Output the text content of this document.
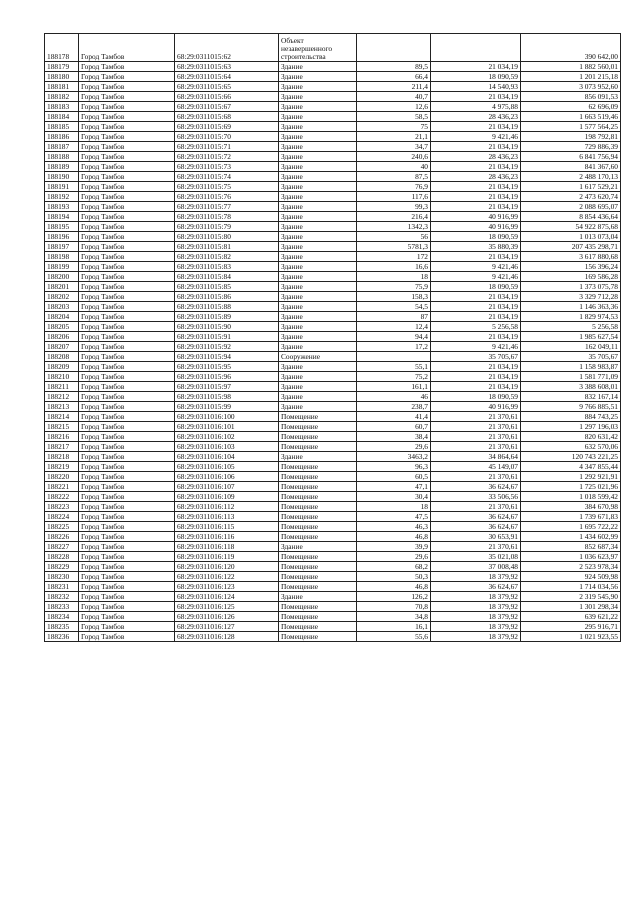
188178	Город Тамбов	68:29:0311015:62	Объект незавершенного строительства			390 642,00
188179	Город Тамбов	68:29:0311015:63	Здание	89,5	21 034,19	1 882 560,01
188180	Город Тамбов	68:29:0311015:64	Здание	66,4	18 090,59	1 201 215,18
188181	Город Тамбов	68:29:0311015:65	Здание	211,4	14 540,93	3 073 952,60
188182	Город Тамбов	68:29:0311015:66	Здание	40,7	21 034,19	856 091,53
188183	Город Тамбов	68:29:0311015:67	Здание	12,6	4 975,88	62 696,09
188184	Город Тамбов	68:29:0311015:68	Здание	58,5	28 436,23	1 663 519,46
188185	Город Тамбов	68:29:0311015:69	Здание	75	21 034,19	1 577 564,25
188186	Город Тамбов	68:29:0311015:70	Здание	21,1	9 421,46	198 792,81
188187	Город Тамбов	68:29:0311015:71	Здание	34,7	21 034,19	729 886,39
188188	Город Тамбов	68:29:0311015:72	Здание	240,6	28 436,23	6 841 756,94
188189	Город Тамбов	68:29:0311015:73	Здание	40	21 034,19	841 367,60
188190	Город Тамбов	68:29:0311015:74	Здание	87,5	28 436,23	2 488 170,13
188191	Город Тамбов	68:29:0311015:75	Здание	76,9	21 034,19	1 617 529,21
188192	Город Тамбов	68:29:0311015:76	Здание	117,6	21 034,19	2 473 620,74
188193	Город Тамбов	68:29:0311015:77	Здание	99,3	21 034,19	2 088 695,07
188194	Город Тамбов	68:29:0311015:78	Здание	216,4	40 916,99	8 854 436,64
188195	Город Тамбов	68:29:0311015:79	Здание	1342,3	40 916,99	54 922 875,68
188196	Город Тамбов	68:29:0311015:80	Здание	56	18 090,59	1 013 073,04
188197	Город Тамбов	68:29:0311015:81	Здание	5781,3	35 880,39	207 435 298,71
188198	Город Тамбов	68:29:0311015:82	Здание	172	21 034,19	3 617 880,68
188199	Город Тамбов	68:29:0311015:83	Здание	16,6	9 421,46	156 396,24
188200	Город Тамбов	68:29:0311015:84	Здание	18	9 421,46	169 586,28
188201	Город Тамбов	68:29:0311015:85	Здание	75,9	18 090,59	1 373 075,78
188202	Город Тамбов	68:29:0311015:86	Здание	158,3	21 034,19	3 329 712,28
188203	Город Тамбов	68:29:0311015:88	Здание	54,5	21 034,19	1 146 363,36
188204	Город Тамбов	68:29:0311015:89	Здание	87	21 034,19	1 829 974,53
188205	Город Тамбов	68:29:0311015:90	Здание	12,4	5 256,58	5 256,58
188206	Город Тамбов	68:29:0311015:91	Здание	94,4	21 034,19	1 985 627,54
188207	Город Тамбов	68:29:0311015:92	Здание	17,2	9 421,46	162 049,11
188208	Город Тамбов	68:29:0311015:94	Сооружение		35 705,67	35 705,67
188209	Город Тамбов	68:29:0311015:95	Здание	55,1	21 034,19	1 158 983,87
188210	Город Тамбов	68:29:0311015:96	Здание	75,2	21 034,19	1 581 771,09
188211	Город Тамбов	68:29:0311015:97	Здание	161,1	21 034,19	3 388 608,01
188212	Город Тамбов	68:29:0311015:98	Здание	46	18 090,59	832 167,14
188213	Город Тамбов	68:29:0311015:99	Здание	238,7	40 916,99	9 766 885,51
188214	Город Тамбов	68:29:0311016:100	Помещение	41,4	21 370,61	884 743,25
188215	Город Тамбов	68:29:0311016:101	Помещение	60,7	21 370,61	1 297 196,03
188216	Город Тамбов	68:29:0311016:102	Помещение	38,4	21 370,61	820 631,42
188217	Город Тамбов	68:29:0311016:103	Помещение	29,6	21 370,61	632 570,06
188218	Город Тамбов	68:29:0311016:104	Здание	3463,2	34 864,64	120 743 221,25
188219	Город Тамбов	68:29:0311016:105	Помещение	96,3	45 149,07	4 347 855,44
188220	Город Тамбов	68:29:0311016:106	Помещение	60,5	21 370,61	1 292 921,91
188221	Город Тамбов	68:29:0311016:107	Помещение	47,1	36 624,67	1 725 021,96
188222	Город Тамбов	68:29:0311016:109	Помещение	30,4	33 506,56	1 018 599,42
188223	Город Тамбов	68:29:0311016:112	Помещение	18	21 370,61	384 670,98
188224	Город Тамбов	68:29:0311016:113	Помещение	47,5	36 624,67	1 739 671,83
188225	Город Тамбов	68:29:0311016:115	Помещение	46,3	36 624,67	1 695 722,22
188226	Город Тамбов	68:29:0311016:116	Помещение	46,8	30 653,91	1 434 602,99
188227	Город Тамбов	68:29:0311016:118	Здание	39,9	21 370,61	852 687,34
188228	Город Тамбов	68:29:0311016:119	Помещение	29,6	35 021,08	1 036 623,97
188229	Город Тамбов	68:29:0311016:120	Помещение	68,2	37 008,48	2 523 978,34
188230	Город Тамбов	68:29:0311016:122	Помещение	50,3	18 379,92	924 509,98
188231	Город Тамбов	68:29:0311016:123	Помещение	46,8	36 624,67	1 714 034,56
188232	Город Тамбов	68:29:0311016:124	Здание	126,2	18 379,92	2 319 545,90
188233	Город Тамбов	68:29:0311016:125	Помещение	70,8	18 379,92	1 301 298,34
188234	Город Тамбов	68:29:0311016:126	Помещение	34,8	18 379,92	639 621,22
188235	Город Тамбов	68:29:0311016:127	Помещение	16,1	18 379,92	295 916,71
188236	Город Тамбов	68:29:0311016:128	Помещение	55,6	18 379,92	1 021 923,55
